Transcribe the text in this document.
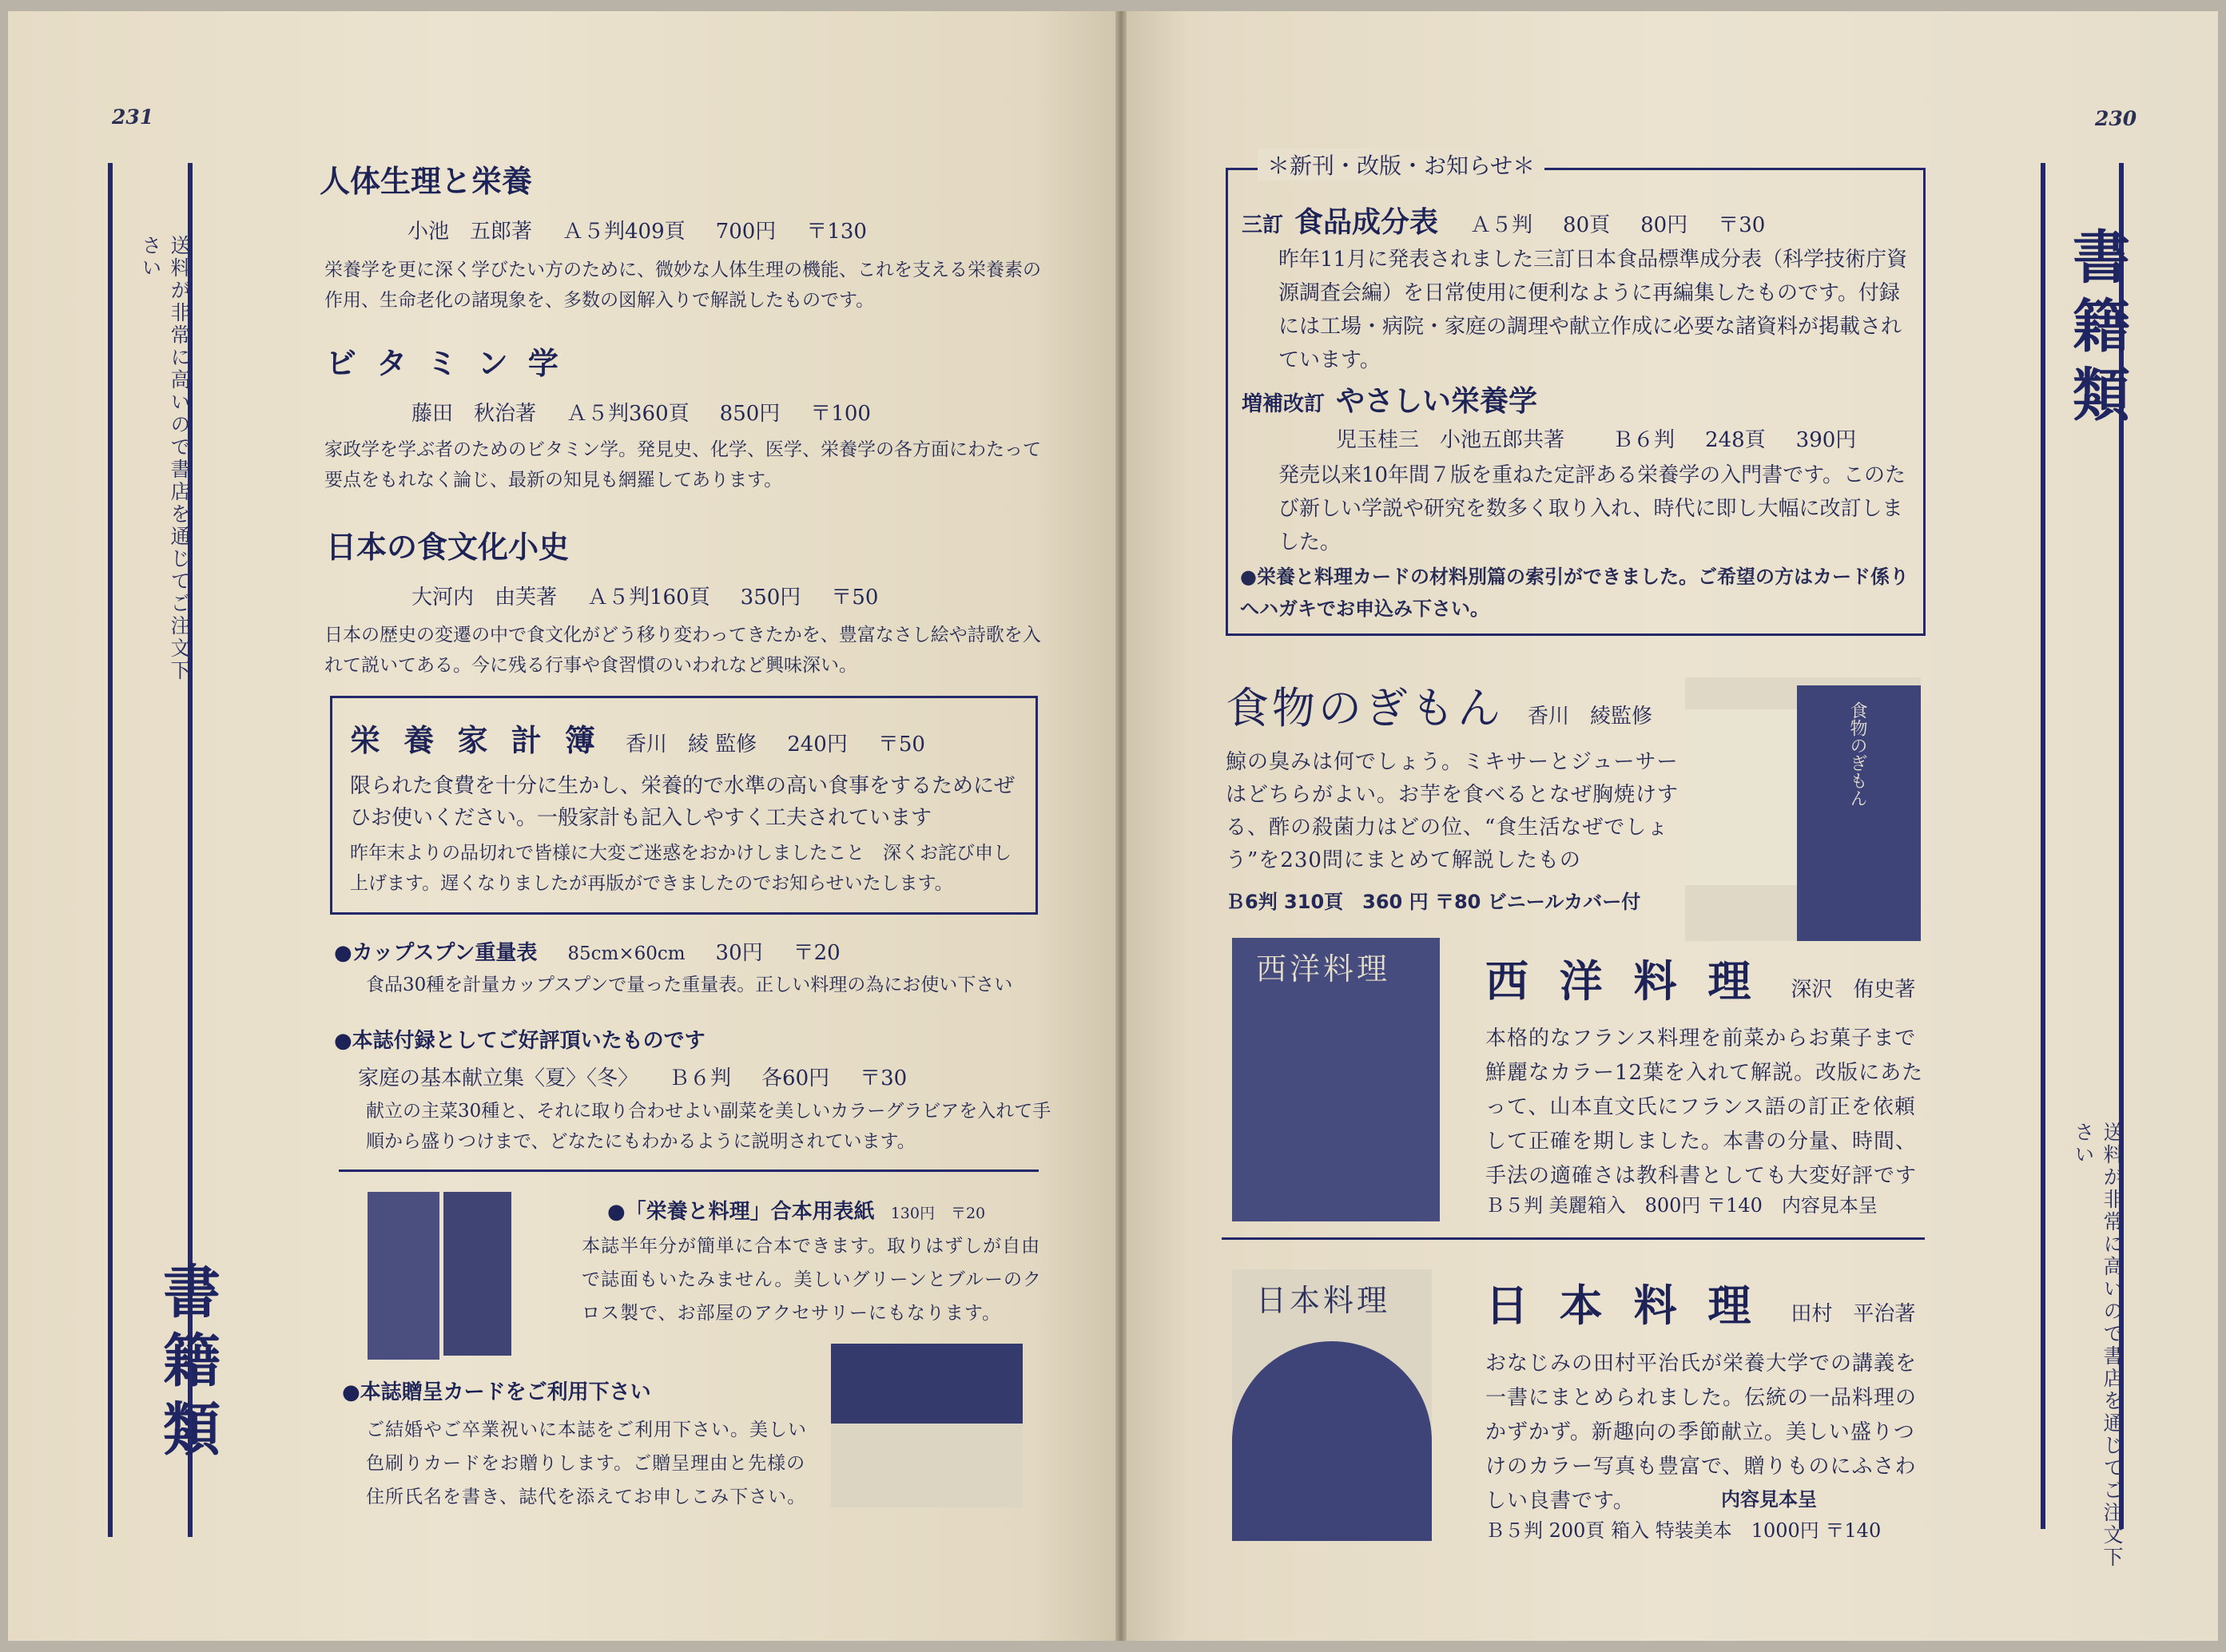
231
送料が非常に高いので書店を通じてご注文下さい
書籍類
人体生理と栄養
小池　五郎著 Ａ５判409頁 700円 〒130
栄養学を更に深く学びたい方のために、微妙な人体生理の機能、これを支える栄養素の作用、生命老化の諸現象を、多数の図解入りで解説したものです。
ビ タ ミ ン 学
藤田　秋治著 Ａ５判360頁 850円 〒100
家政学を学ぶ者のためのビタミン学。発見史、化学、医学、栄養学の各方面にわたって要点をもれなく論じ、最新の知見も網羅してあります。
日本の食文化小史
大河内　由芙著 Ａ５判160頁 350円 〒50
日本の歴史の変遷の中で食文化がどう移り変わってきたかを、豊富なさし絵や詩歌を入れて説いてある。今に残る行事や食習慣のいわれなど興味深い。
栄 養 家 計 簿 香川　綾 監修 240円 〒50
限られた食費を十分に生かし、栄養的で水準の高い食事をするためにぜひお使いください。一般家計も記入しやすく工夫されています
昨年末よりの品切れで皆様に大変ご迷惑をおかけしましたこと　深くお詫び申し上げます。遅くなりましたが再版ができましたのでお知らせいたします。
●カップスプン重量表 85cm×60cm 30円 〒20
食品30種を計量カップスプンで量った重量表。正しい料理の為にお使い下さい
●本誌付録としてご好評頂いたものです
家庭の基本献立集〈夏〉〈冬〉 Ｂ６判 各60円 〒30
献立の主菜30種と、それに取り合わせよい副菜を美しいカラーグラビアを入れて手順から盛りつけまで、どなたにもわかるように説明されています。
●「栄養と料理」合本用表紙 130円 〒20
本誌半年分が簡単に合本できます。取りはずしが自由で誌面もいたみません。美しいグリーンとブルーのクロス製で、お部屋のアクセサリーにもなります。
●本誌贈呈カードをご利用下さい
ご結婚やご卒業祝いに本誌をご利用下さい。美しい色刷りカードをお贈りします。ご贈呈理由と先様の住所氏名を書き、誌代を添えてお申しこみ下さい。
230
書籍類
送料が非常に高いので書店を通じてご注文下さい
＊新刊・改版・お知らせ＊
三訂 食品成分表 Ａ５判 80頁 80円 〒30
昨年11月に発表されました三訂日本食品標準成分表（科学技術庁資源調査会編）を日常使用に便利なように再編集したものです。付録には工場・病院・家庭の調理や献立作成に必要な諸資料が掲載されています。
増補改訂 やさしい栄養学
児玉桂三　小池五郎共著 Ｂ６判 248頁 390円
発売以来10年間７版を重ねた定評ある栄養学の入門書です。このたび新しい学説や研究を数多く取り入れ、時代に即し大幅に改訂しました。
●栄養と料理カードの材料別篇の索引ができました。ご希望の方はカード係りへハガキでお申込み下さい。
食物のぎもん 香川　綾監修
鯨の臭みは何でしょう。ミキサーとジューサーはどちらがよい。お芋を食べるとなぜ胸焼けする、酢の殺菌力はどの位、“食生活なぜでしょう”を230問にまとめて解説したもの
Ｂ6判 310頁　360 円 〒80 ビニールカバー付
食物のぎもん
西洋料理 西 洋 料 理 深沢　侑史著
本格的なフランス料理を前菜からお菓子まで鮮麗なカラー12葉を入れて解説。改版にあたって、山本直文氏にフランス語の訂正を依頼して正確を期しました。本書の分量、時間、手法の適確さは教科書としても大変好評です
Ｂ５判 美麗箱入　800円 〒140　内容見本呈
日本料理 日 本 料 理 田村　平治著
おなじみの田村平治氏が栄養大学での講義を一書にまとめられました。伝統の一品料理のかずかず。新趣向の季節献立。美しい盛りつけのカラー写真も豊富で、贈りものにふさわしい良書です。	内容見本呈
Ｂ５判 200頁 箱入 特装美本　1000円 〒140
